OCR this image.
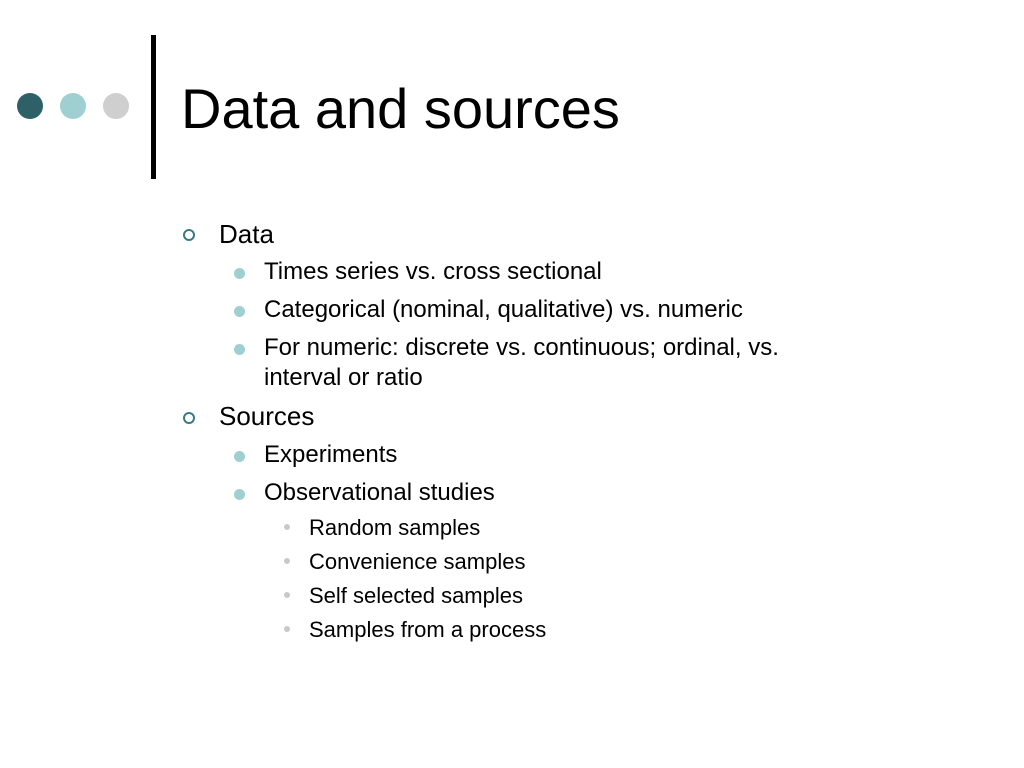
Data and sources
Data
Times series vs. cross sectional
Categorical (nominal, qualitative) vs. numeric
For numeric: discrete vs. continuous; ordinal, vs.
interval or ratio
Sources
Experiments
Observational studies
Random samples
Convenience samples
Self selected samples
Samples from a process
